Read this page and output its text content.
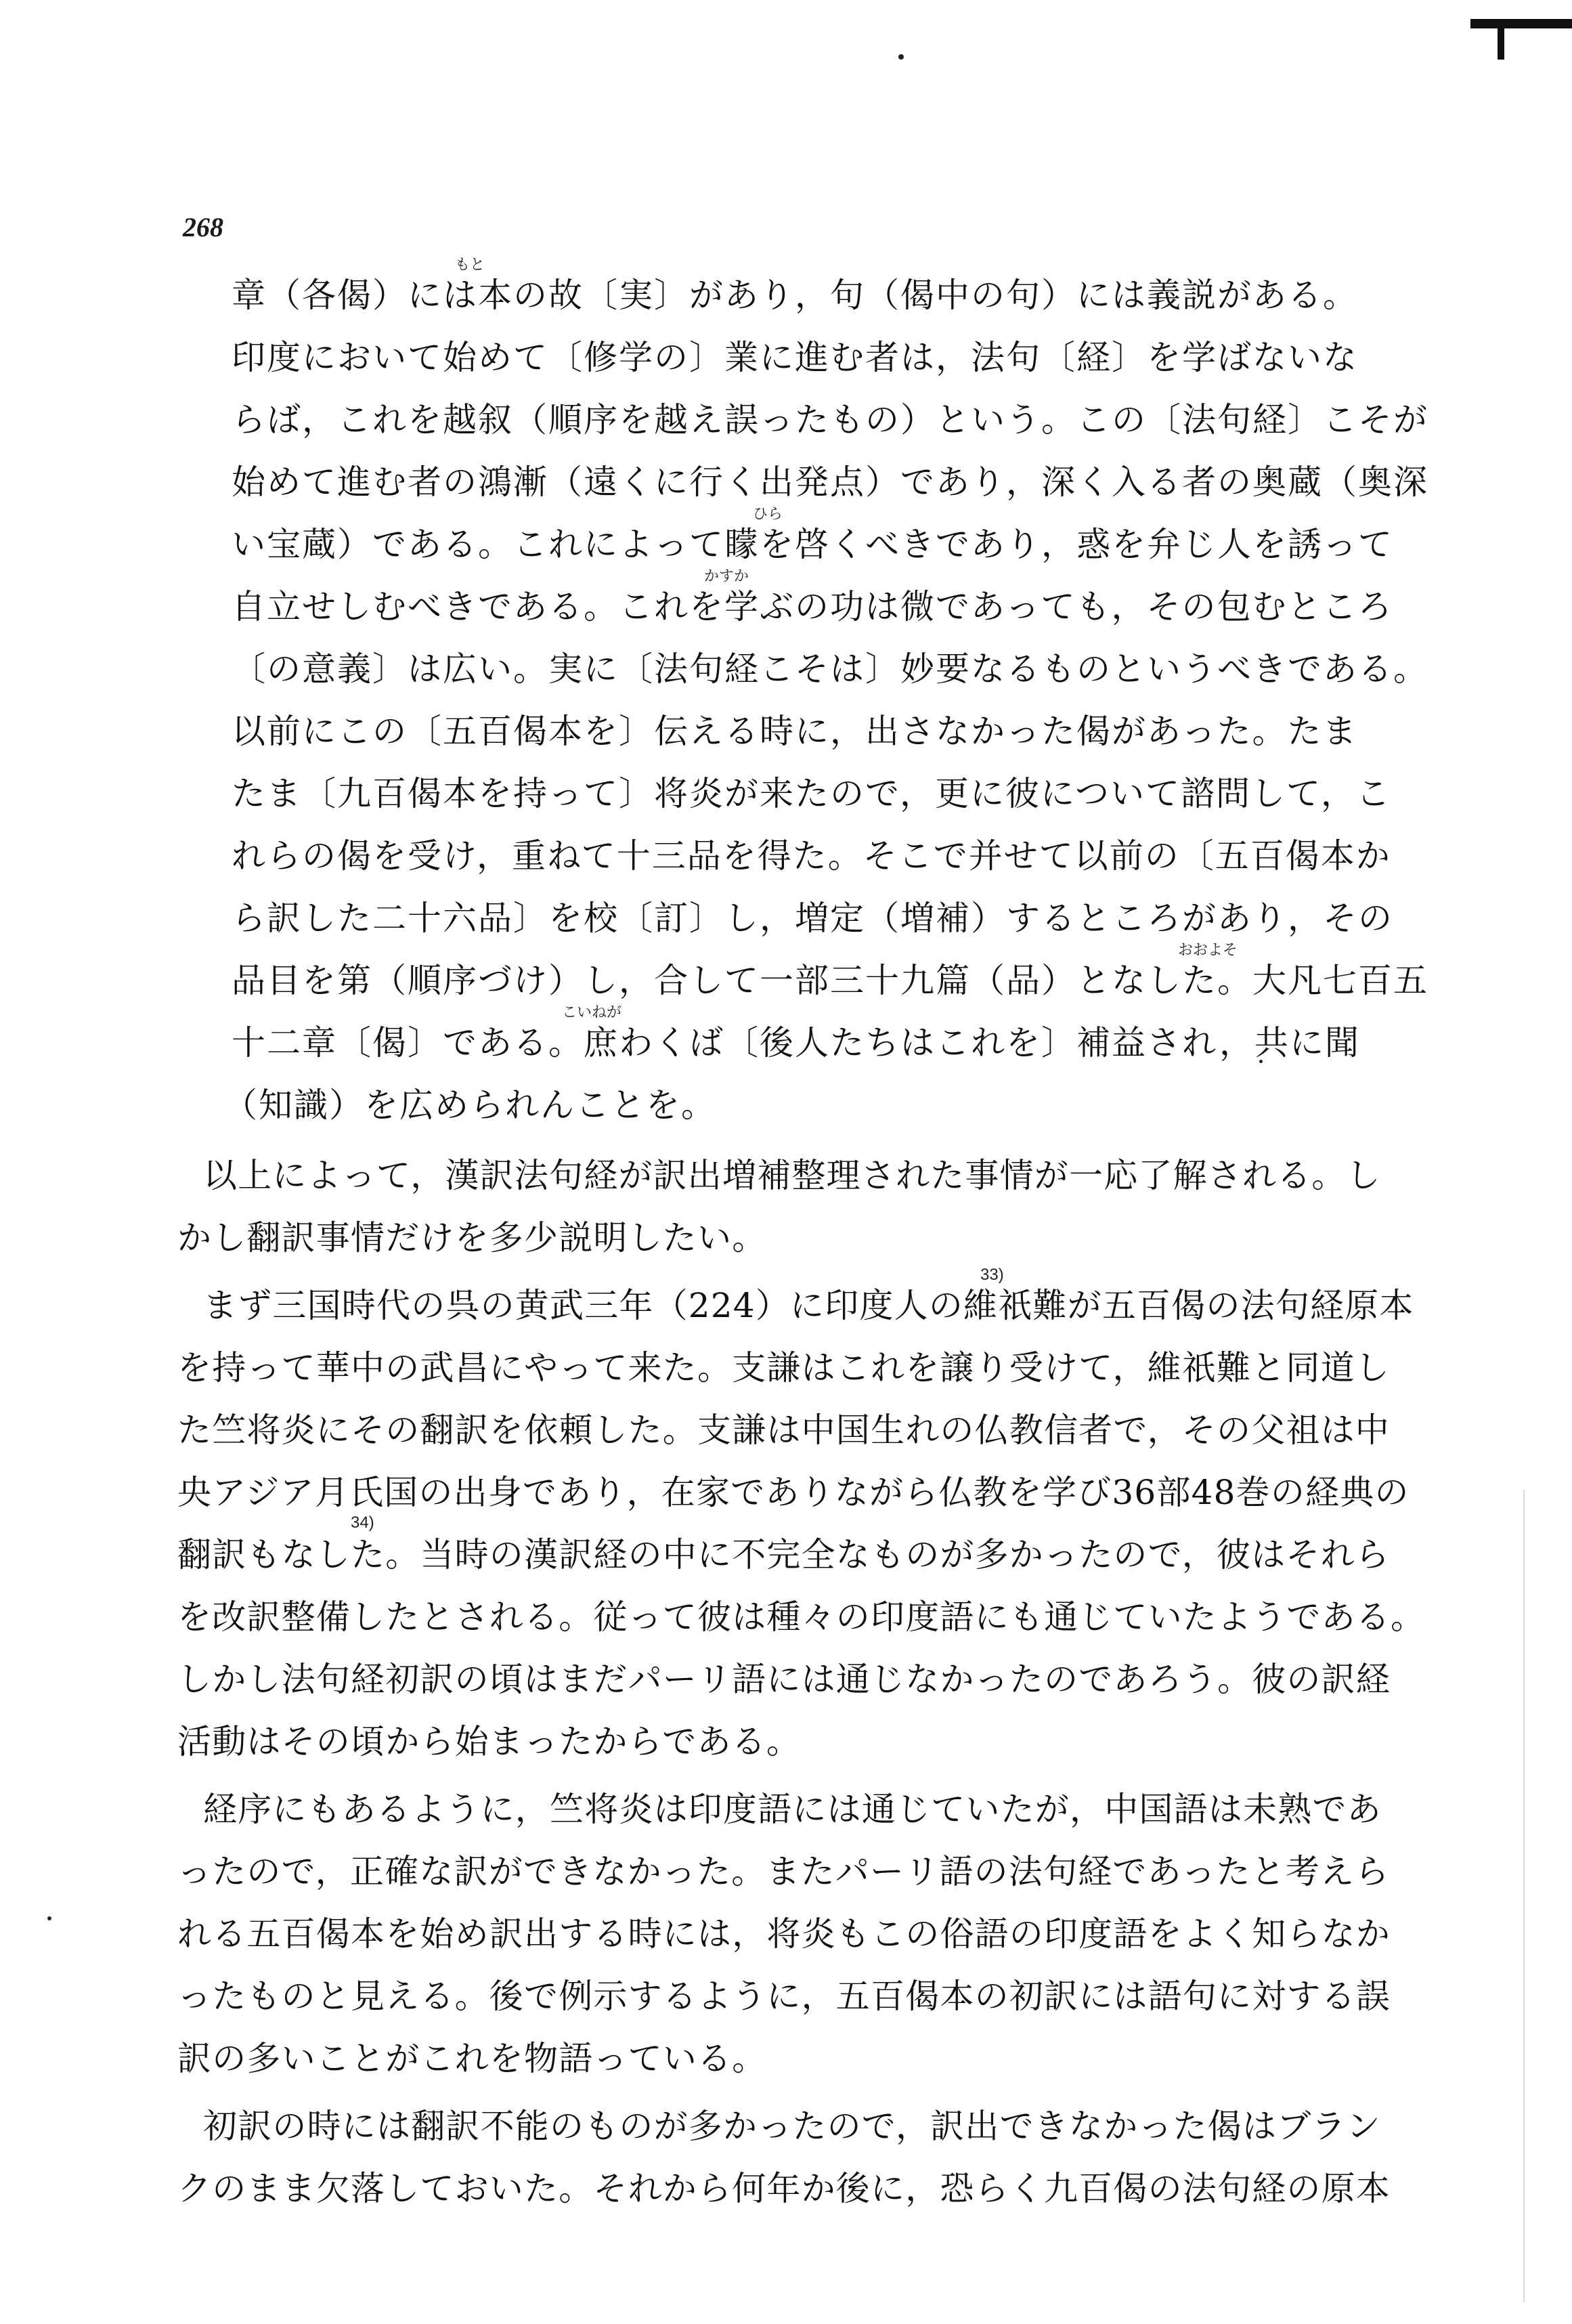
268
章（各偈）には本の故〔実〕があり，句（偈中の句）には義説がある。
印度において始めて〔修学の〕業に進む者は，法句〔経〕を学ばないな
らば，これを越叙（順序を越え誤ったもの）という。この〔法句経〕こそが
始めて進む者の鴻漸（遠くに行く出発点）であり，深く入る者の奥蔵（奥深
い宝蔵）である。これによって矇を啓くべきであり，惑を弁じ人を誘って
自立せしむべきである。これを学ぶの功は微であっても，その包むところ
〔の意義〕は広い。実に〔法句経こそは〕妙要なるものというべきである。
以前にこの〔五百偈本を〕伝える時に，出さなかった偈があった。たま
たま〔九百偈本を持って〕将炎が来たので，更に彼について諮問して，こ
れらの偈を受け，重ねて十三品を得た。そこで并せて以前の〔五百偈本か
ら訳した二十六品〕を校〔訂〕し，増定（増補）するところがあり，その
品目を第（順序づけ）し，合して一部三十九篇（品）となした。大凡七百五
十二章〔偈〕である。庶わくば〔後人たちはこれを〕補益され，共に聞
（知識）を広められんことを。
もと
ひら
かすか
おおよそ
こいねが
以上によって，漢訳法句経が訳出増補整理された事情が一応了解される。し
かし翻訳事情だけを多少説明したい。
まず三国時代の呉の黄武三年（224）に印度人の維祇難が五百偈の法句経原本
を持って華中の武昌にやって来た。支謙はこれを譲り受けて，維祇難と同道し
た竺将炎にその翻訳を依頼した。支謙は中国生れの仏教信者で，その父祖は中
央アジア月氏国の出身であり，在家でありながら仏教を学び36部48巻の経典の
翻訳もなした。当時の漢訳経の中に不完全なものが多かったので，彼はそれら
を改訳整備したとされる。従って彼は種々の印度語にも通じていたようである。
しかし法句経初訳の頃はまだパーリ語には通じなかったのであろう。彼の訳経
活動はその頃から始まったからである。
経序にもあるように，竺将炎は印度語には通じていたが，中国語は未熟であ
ったので，正確な訳ができなかった。またパーリ語の法句経であったと考えら
れる五百偈本を始め訳出する時には，将炎もこの俗語の印度語をよく知らなか
ったものと見える。後で例示するように，五百偈本の初訳には語句に対する誤
訳の多いことがこれを物語っている。
初訳の時には翻訳不能のものが多かったので，訳出できなかった偈はブラン
クのまま欠落しておいた。それから何年か後に，恐らく九百偈の法句経の原本
33)
34)
